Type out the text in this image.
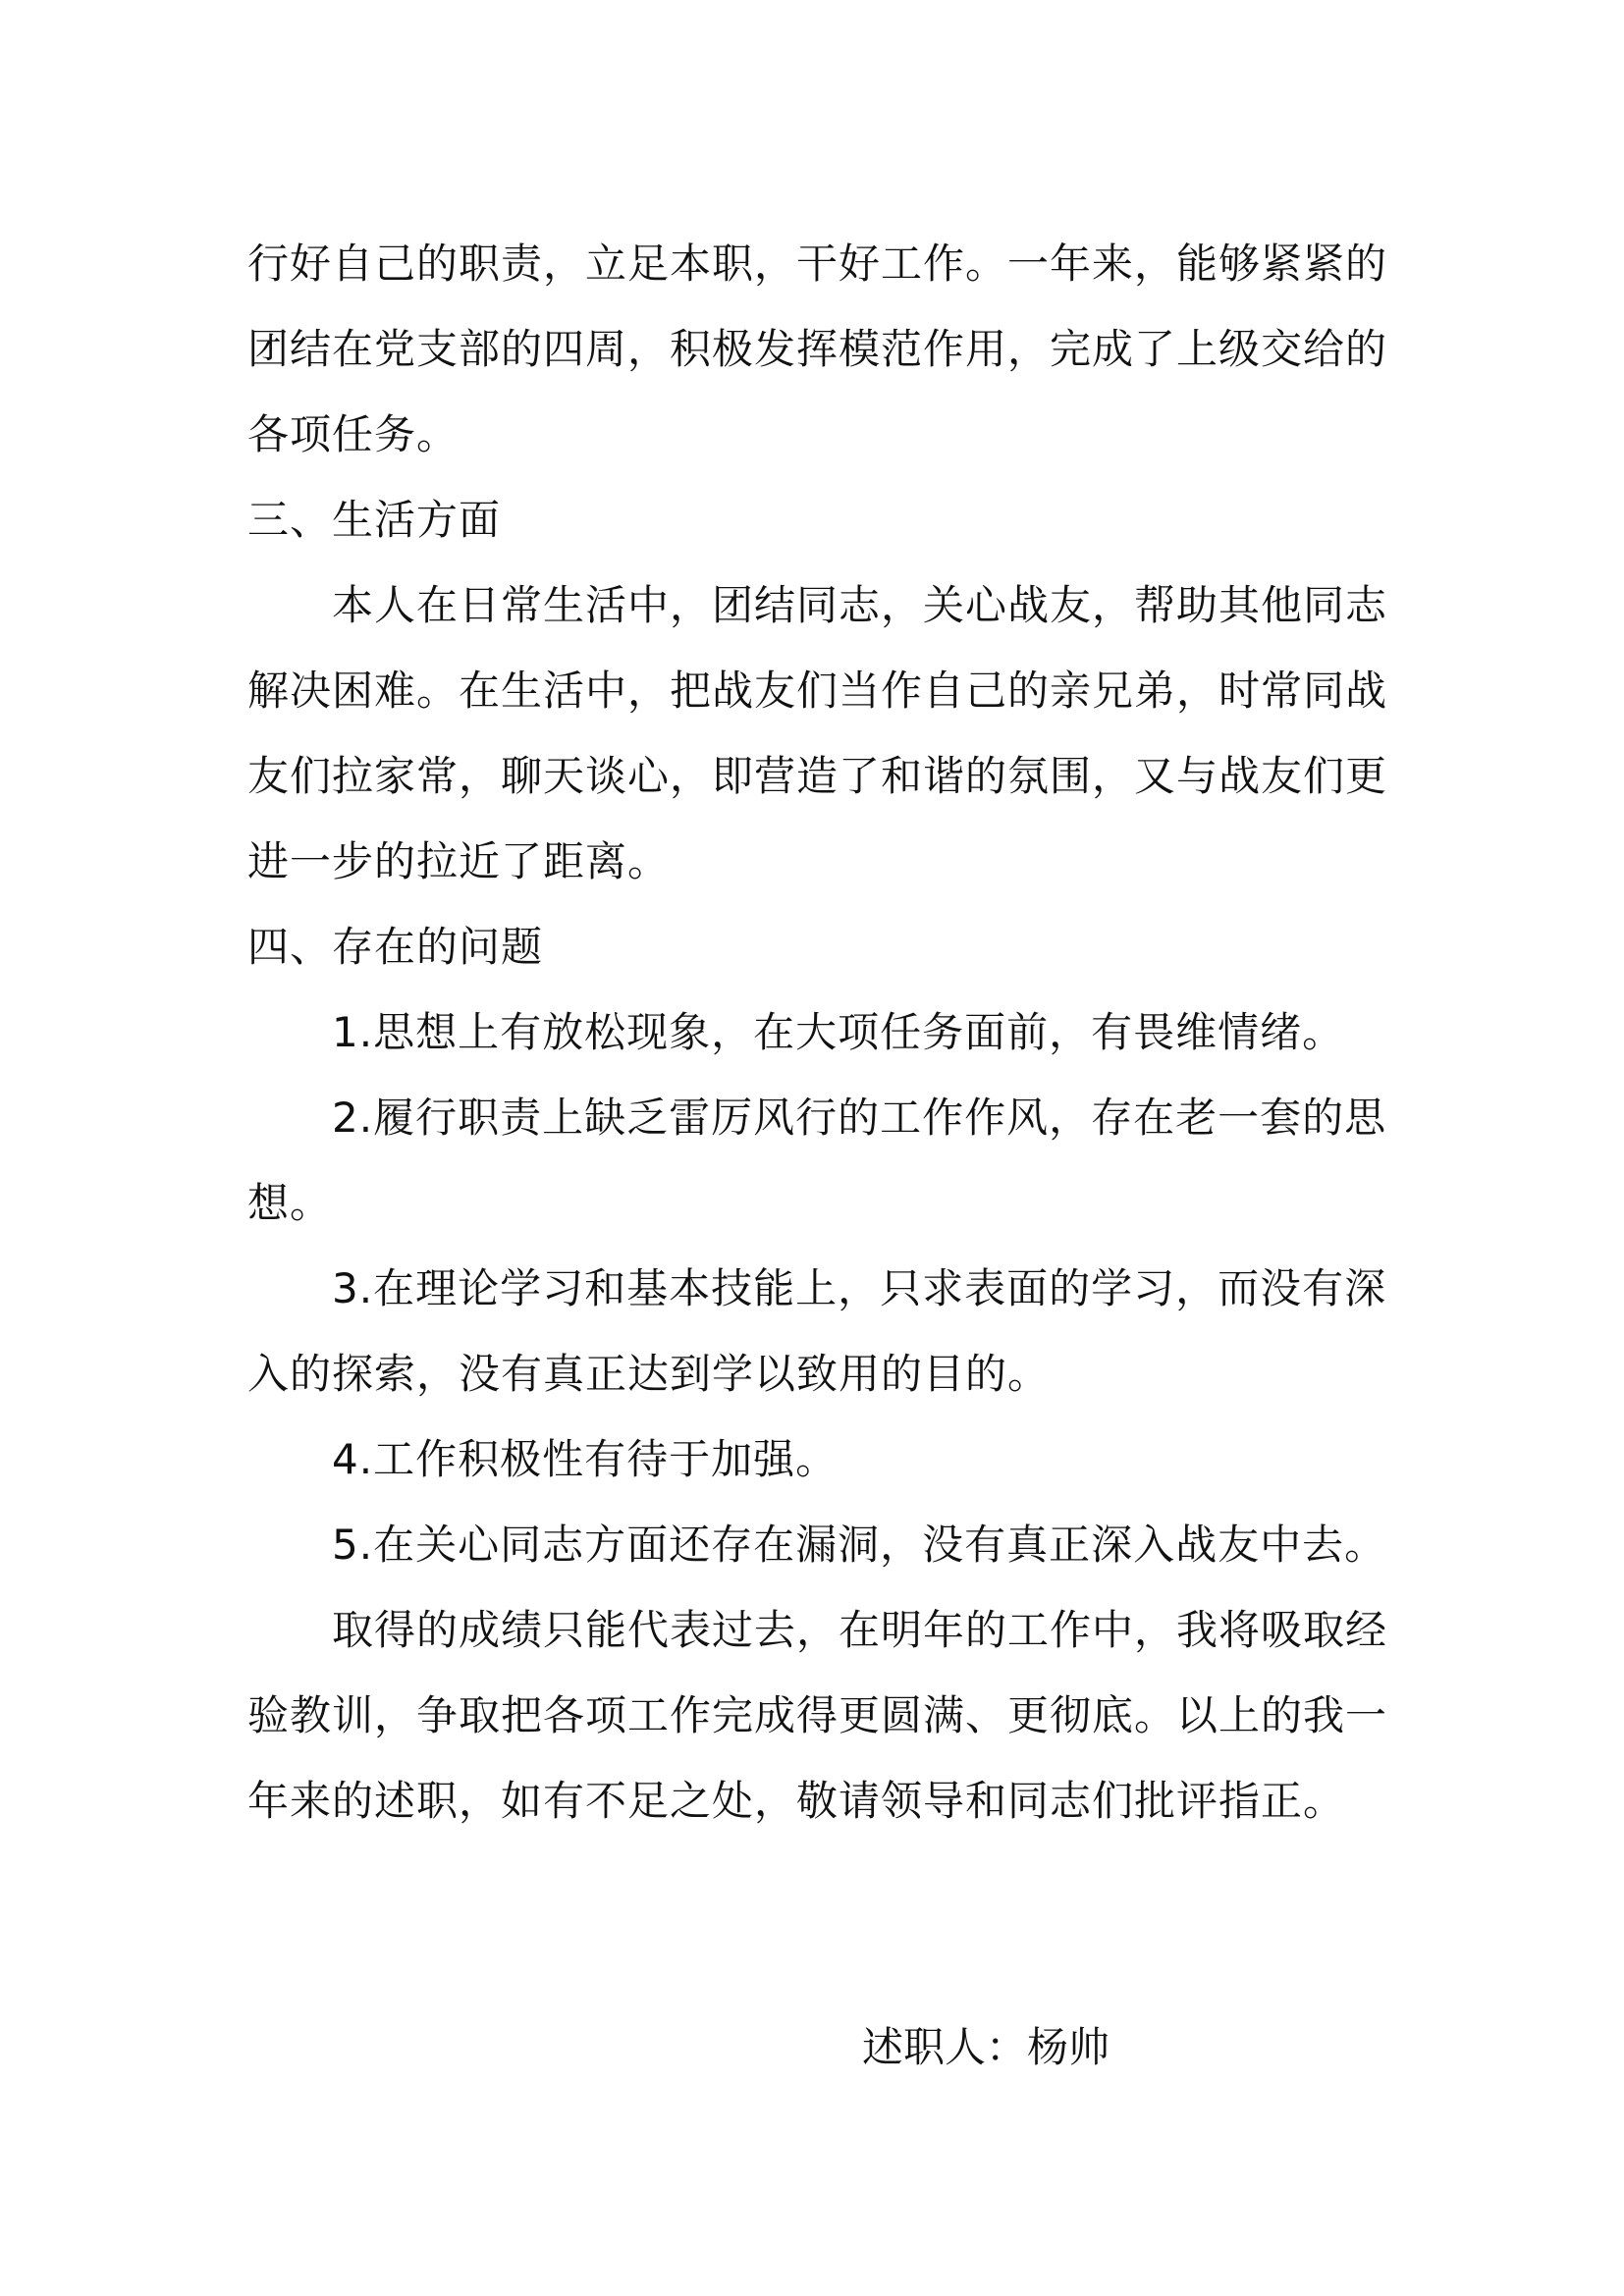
行好自己的职责，立足本职，干好工作。一年来，能够紧紧的团结在党支部的四周，积极发挥模范作用，完成了上级交给的各项任务。

三、生活方面

本人在日常生活中，团结同志，关心战友，帮助其他同志解决困难。在生活中，把战友们当作自己的亲兄弟，时常同战友们拉家常，聊天谈心，即营造了和谐的氛围，又与战友们更进一步的拉近了距离。

四、存在的问题

1.思想上有放松现象，在大项任务面前，有畏维情绪。

2.履行职责上缺乏雷厉风行的工作作风，存在老一套的思想。

3.在理论学习和基本技能上，只求表面的学习，而没有深入的探索，没有真正达到学以致用的目的。

4.工作积极性有待于加强。

5.在关心同志方面还存在漏洞，没有真正深入战友中去。

取得的成绩只能代表过去，在明年的工作中，我将吸取经验教训，争取把各项工作完成得更圆满、更彻底。以上的我一年来的述职，如有不足之处，敬请领导和同志们批评指正。

述职人：杨帅
